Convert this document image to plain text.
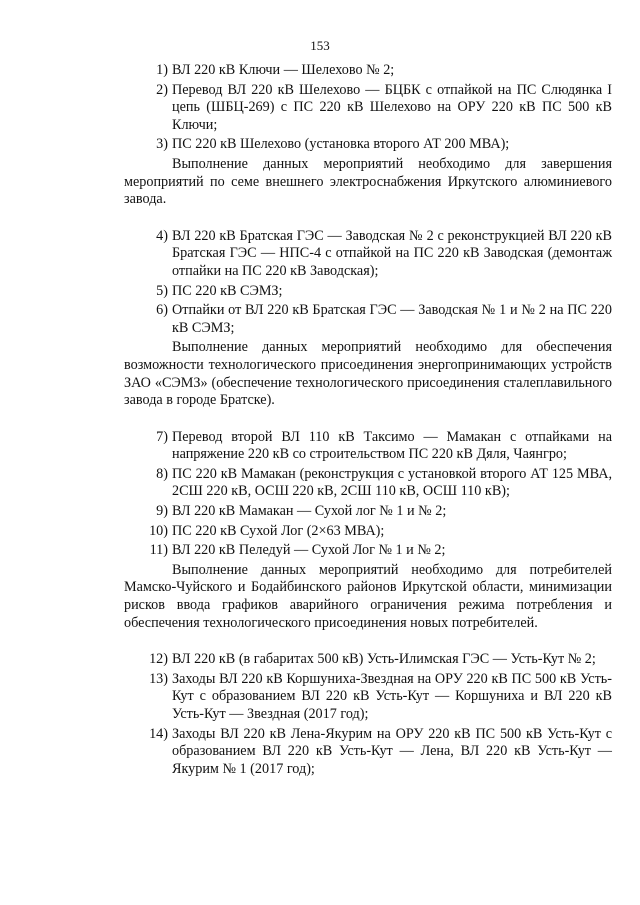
153
1) ВЛ 220 кВ Ключи — Шелехово № 2;
2) Перевод ВЛ 220 кВ Шелехово — БЦБК с отпайкой на ПС Слюдянка I цепь (ШБЦ-269) с ПС 220 кВ Шелехово на ОРУ 220 кВ ПС 500 кВ Ключи;
3) ПС 220 кВ Шелехово (установка второго АТ 200 МВА);

Выполнение данных мероприятий необходимо для завершения мероприятий по семе внешнего электроснабжения Иркутского алюминиевого завода.

4) ВЛ 220 кВ Братская ГЭС — Заводская № 2 с реконструкцией ВЛ 220 кВ Братская ГЭС — НПС-4 с отпайкой на ПС 220 кВ Заводская (демонтаж отпайки на ПС 220 кВ Заводская);
5) ПС 220 кВ СЭМЗ;
6) Отпайки от ВЛ 220 кВ Братская ГЭС — Заводская № 1 и № 2 на ПС 220 кВ СЭМЗ;

Выполнение данных мероприятий необходимо для обеспечения возможности технологического присоединения энергопринимающих устройств ЗАО «СЭМЗ» (обеспечение технологического присоединения сталеплавильного завода в городе Братске).

7) Перевод второй ВЛ 110 кВ Таксимо — Мамакан с отпайками на напряжение 220 кВ со строительством ПС 220 кВ Дяля, Чаянгро;
8) ПС 220 кВ Мамакан (реконструкция с установкой второго АТ 125 МВА, 2СШ 220 кВ, ОСШ 220 кВ, 2СШ 110 кВ, ОСШ 110 кВ);
9) ВЛ 220 кВ Мамакан — Сухой лог № 1 и № 2;
10) ПС 220 кВ Сухой Лог (2×63 МВА);
11) ВЛ 220 кВ Пеледуй — Сухой Лог № 1 и № 2;

Выполнение данных мероприятий необходимо для потребителей Мамско-Чуйского и Бодайбинского районов Иркутской области, минимизации рисков ввода графиков аварийного ограничения режима потребления и обеспечения технологического присоединения новых потребителей.

12) ВЛ 220 кВ (в габаритах 500 кВ) Усть-Илимская ГЭС — Усть-Кут № 2;
13) Заходы ВЛ 220 кВ Коршуниха-Звездная на ОРУ 220 кВ ПС 500 кВ Усть-Кут с образованием ВЛ 220 кВ Усть-Кут — Коршуниха и ВЛ 220 кВ Усть-Кут — Звездная (2017 год);
14) Заходы ВЛ 220 кВ Лена-Якурим на ОРУ 220 кВ ПС 500 кВ Усть-Кут с образованием ВЛ 220 кВ Усть-Кут — Лена, ВЛ 220 кВ Усть-Кут — Якурим № 1 (2017 год);
